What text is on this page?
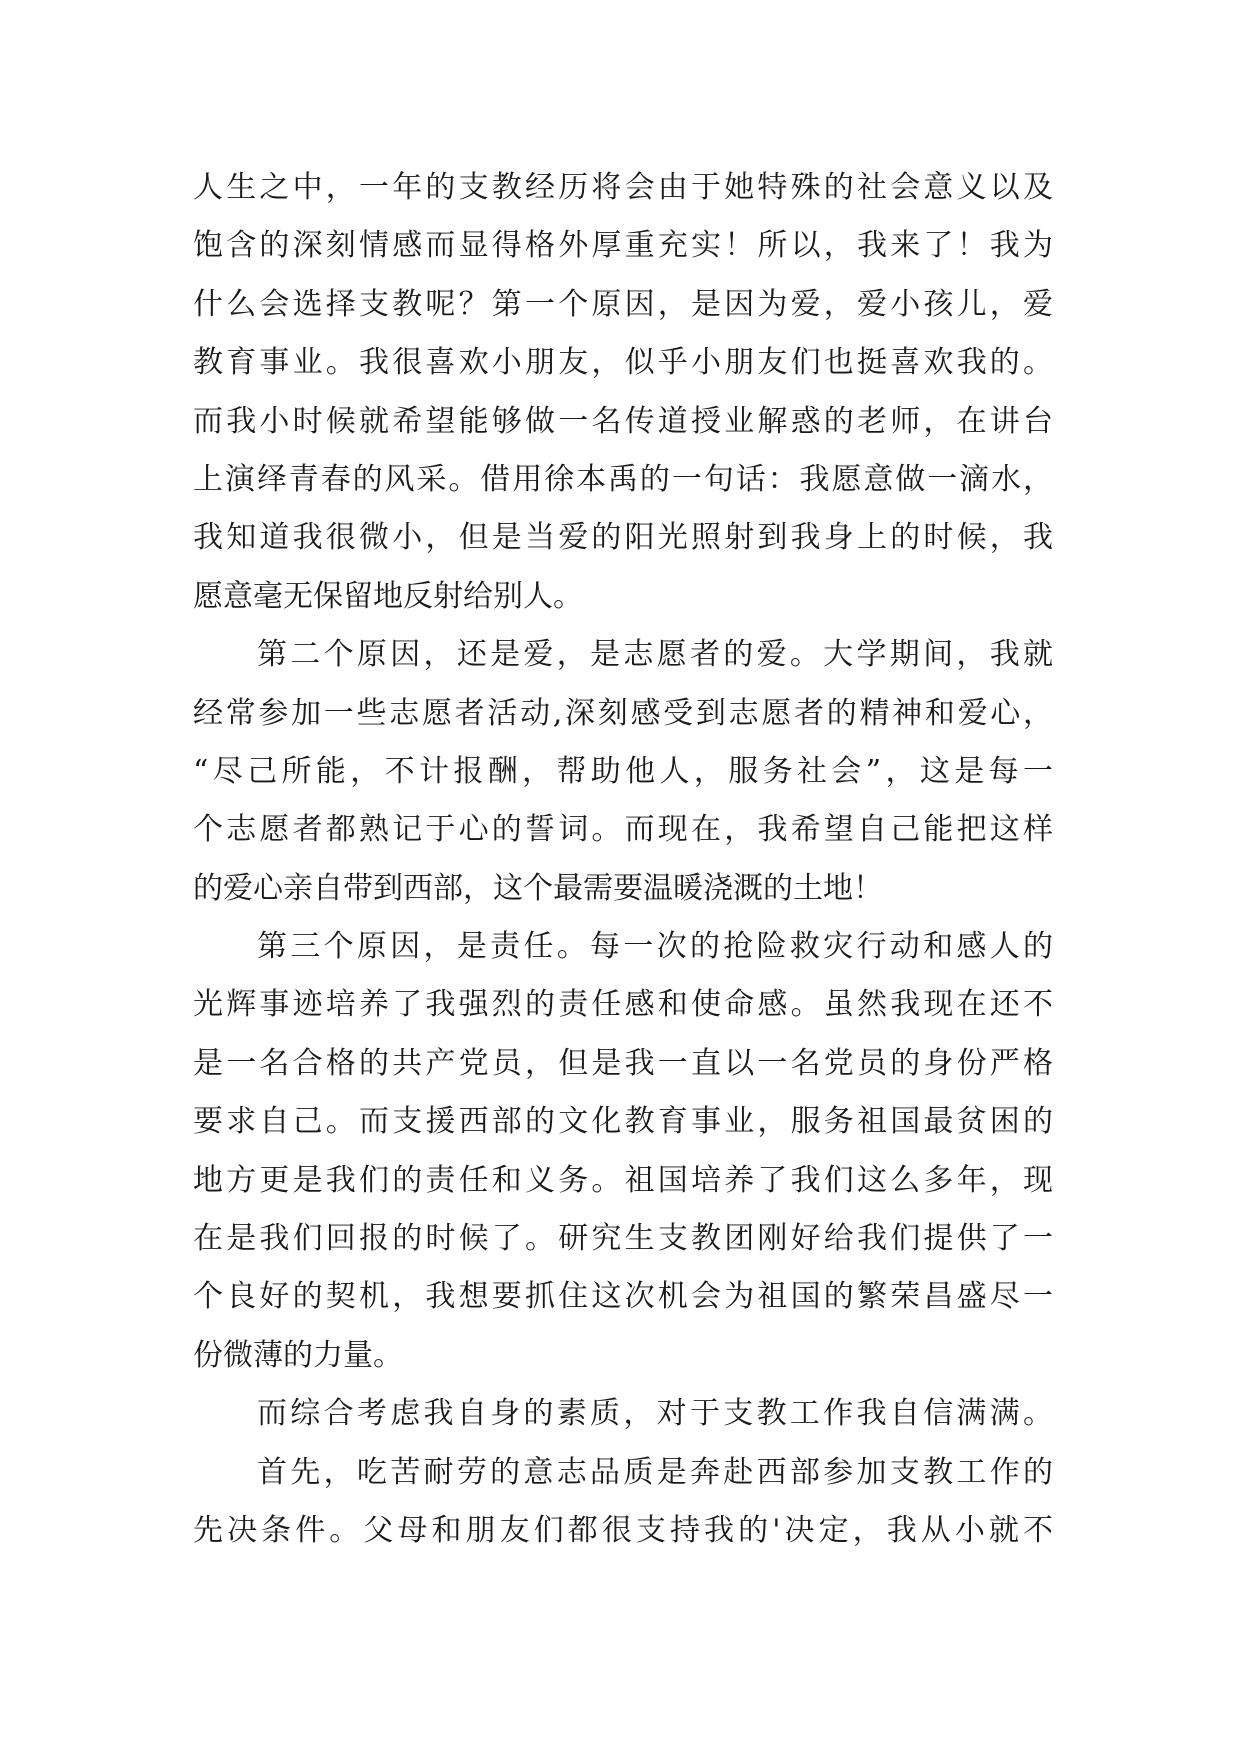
人生之中，一年的支教经历将会由于她特殊的社会意义以及
饱含的深刻情感而显得格外厚重充实！所以，我来了！我为
什么会选择支教呢？第一个原因，是因为爱，爱小孩儿，爱
教育事业。我很喜欢小朋友，似乎小朋友们也挺喜欢我的。
而我小时候就希望能够做一名传道授业解惑的老师，在讲台
上演绎青春的风采。借用徐本禹的一句话：我愿意做一滴水，
我知道我很微小，但是当爱的阳光照射到我身上的时候，我
愿意毫无保留地反射给别人。
第二个原因，还是爱，是志愿者的爱。大学期间，我就
经常参加一些志愿者活动,深刻感受到志愿者的精神和爱心，
“尽己所能，不计报酬，帮助他人，服务社会”，这是每一
个志愿者都熟记于心的誓词。而现在，我希望自己能把这样
的爱心亲自带到西部，这个最需要温暖浇溉的土地！
第三个原因，是责任。每一次的抢险救灾行动和感人的
光辉事迹培养了我强烈的责任感和使命感。虽然我现在还不
是一名合格的共产党员，但是我一直以一名党员的身份严格
要求自己。而支援西部的文化教育事业，服务祖国最贫困的
地方更是我们的责任和义务。祖国培养了我们这么多年，现
在是我们回报的时候了。研究生支教团刚好给我们提供了一
个良好的契机，我想要抓住这次机会为祖国的繁荣昌盛尽一
份微薄的力量。
而综合考虑我自身的素质，对于支教工作我自信满满。
首先，吃苦耐劳的意志品质是奔赴西部参加支教工作的
先决条件。父母和朋友们都很支持我的'决定，我从小就不
